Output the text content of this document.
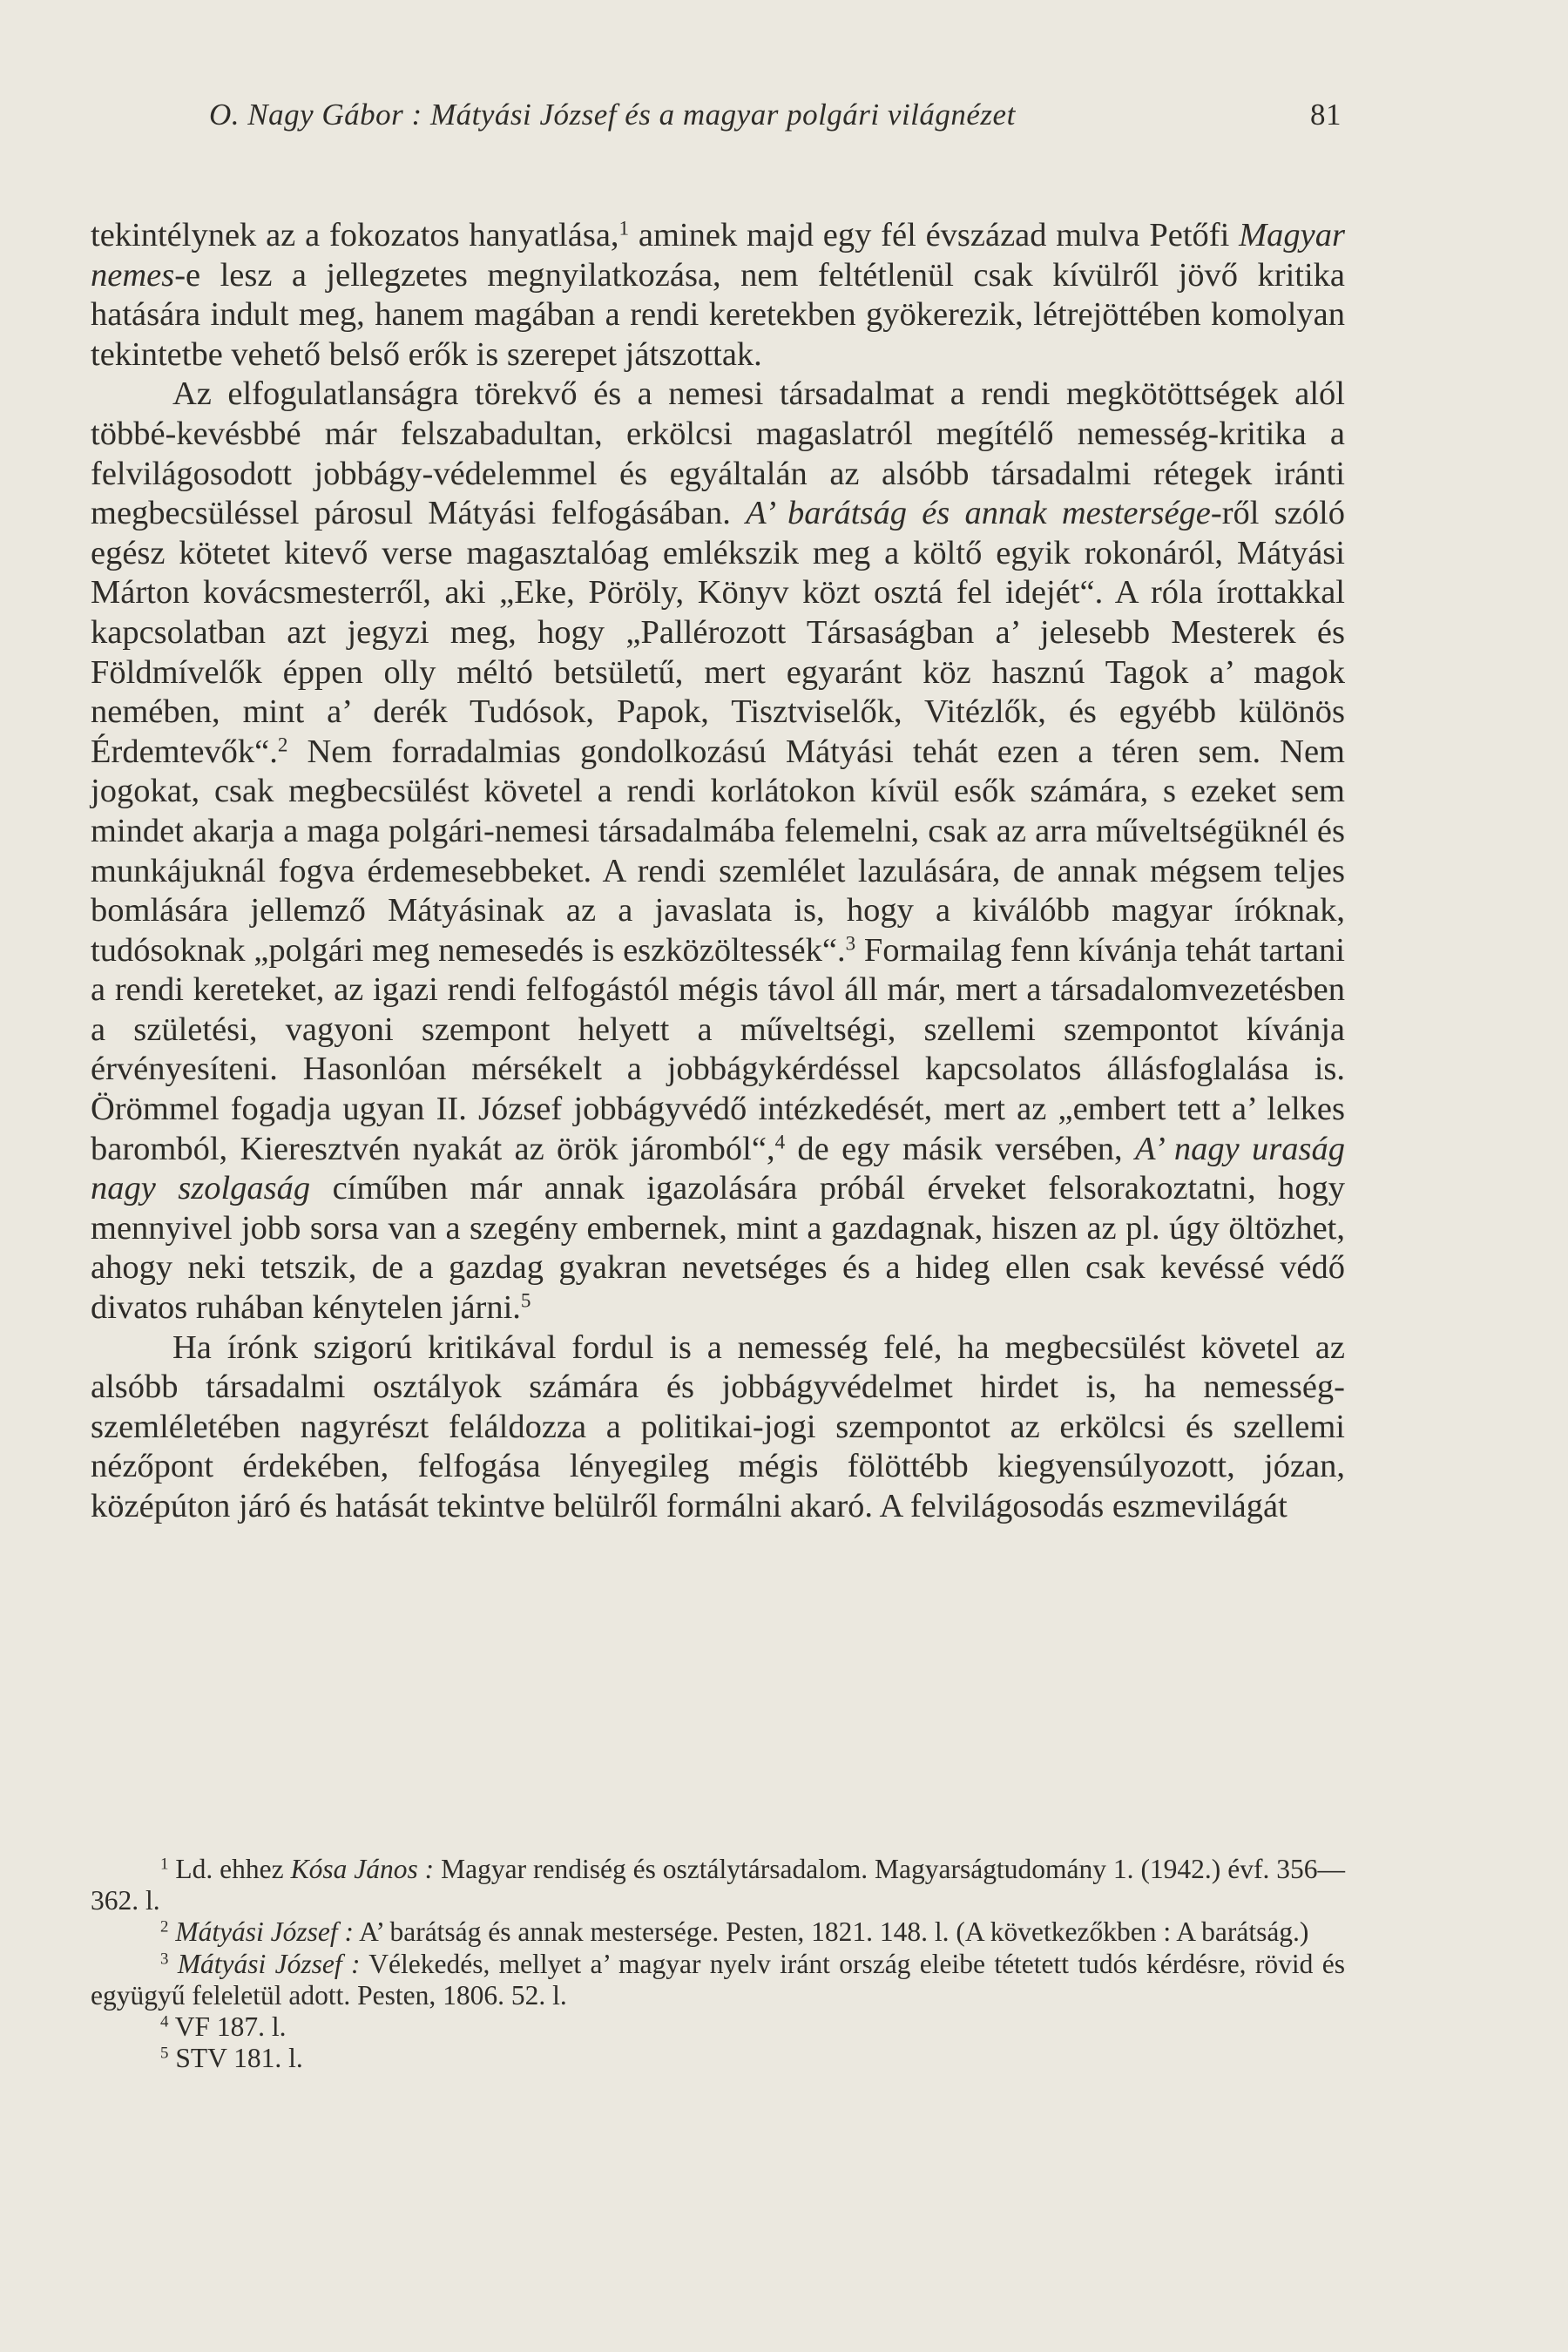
O. Nagy Gábor : Mátyási József és a magyar polgári világnézet	81

tekintélynek az a fokozatos hanyatlása,$^1$ aminek majd egy fél évszázad mulva Petőfi Magyar nemes-e lesz a jellegzetes megnyilatkozása, nem feltétlenül csak kívülről jövő kritika hatására indult meg, hanem magában a rendi keretekben gyökerezik, létrejöttében komolyan tekintetbe vehető belső erők is szerepet játszottak.

Az elfogulatlanságra törekvő és a nemesi társadalmat a rendi megkötöttségek alól többé-kevésbbé már felszabadultan, erkölcsi magaslatról megítélő nemesség-kritika a felvilágosodott jobbágy-védelemmel és egyáltalán az alsóbb társadalmi rétegek iránti megbecsüléssel párosul Mátyási felfogásában. A’ barátság és annak mestersége-ről szóló egész kötetet kitevő verse magasztalóag emlékszik meg a költő egyik rokonáról, Mátyási Márton kovácsmesterről, aki „Eke, Pöröly, Könyv közt osztá fel idejét“. A róla írottakkal kapcsolatban azt jegyzi meg, hogy „Pallérozott Társaságban a’ jelesebb Mesterek és Földmívelők éppen olly méltó betsületű, mert egyaránt köz hasznú Tagok a’ magok nemében, mint a’ derék Tudósok, Papok, Tisztviselők, Vitézlők, és egyébb különös Érdemtevők“.$^2$ Nem forradalmias gondolkozású Mátyási tehát ezen a téren sem. Nem jogokat, csak megbecsülést követel a rendi korlátokon kívül esők számára, s ezeket sem mindet akarja a maga polgári-nemesi társadalmába felemelni, csak az arra műveltségüknél és munkájuknál fogva érdemesebbeket. A rendi szemlélet lazulására, de annak mégsem teljes bomlására jellemző Mátyásinak az a javaslata is, hogy a kiválóbb magyar íróknak, tudósoknak „polgári meg nemesedés is eszközöltessék“.$^3$ Formailag fenn kívánja tehát tartani a rendi kereteket, az igazi rendi felfogástól mégis távol áll már, mert a társadalomvezetésben a születési, vagyoni szempont helyett a műveltségi, szellemi szempontot kívánja érvényesíteni. Hasonlóan mérsékelt a jobbágykérdéssel kapcsolatos állásfoglalása is. Örömmel fogadja ugyan II. József jobbágyvédő intézkedését, mert az „embert tett a’ lelkes baromból, Kieresztvén nyakát az örök járomból“,$^4$ de egy másik versében, A’ nagy uraság nagy szolgaság címűben már annak igazolására próbál érveket felsorakoztatni, hogy mennyivel jobb sorsa van a szegény embernek, mint a gazdagnak, hiszen az pl. úgy öltözhet, ahogy neki tetszik, de a gazdag gyakran nevetséges és a hideg ellen csak kevéssé védő divatos ruhában kénytelen járni.$^5$

Ha írónk szigorú kritikával fordul is a nemesség felé, ha megbecsülést követel az alsóbb társadalmi osztályok számára és jobbágyvédelmet hirdet is, ha nemesség-szemléletében nagyrészt feláldozza a politikai-jogi szempontot az erkölcsi és szellemi nézőpont érdekében, felfogása lényegileg mégis fölöttébb kiegyensúlyozott, józan, középúton járó és hatását tekintve belülről formálni akaró. A felvilágosodás eszmevilágát

$^1$ Ld. ehhez Kósa János : Magyar rendiség és osztálytársadalom. Magyarságtudomány 1. (1942.) évf. 356—362. l.

$^2$ Mátyási József : A’ barátság és annak mestersége. Pesten, 1821. 148. l. (A következőkben : A barátság.)

$^3$ Mátyási József : Vélekedés, mellyet a’ magyar nyelv iránt ország eleibe tétetett tudós kérdésre, rövid és együgyű feleletül adott. Pesten, 1806. 52. l.

$^4$ VF 187. l.

$^5$ STV 181. l.
